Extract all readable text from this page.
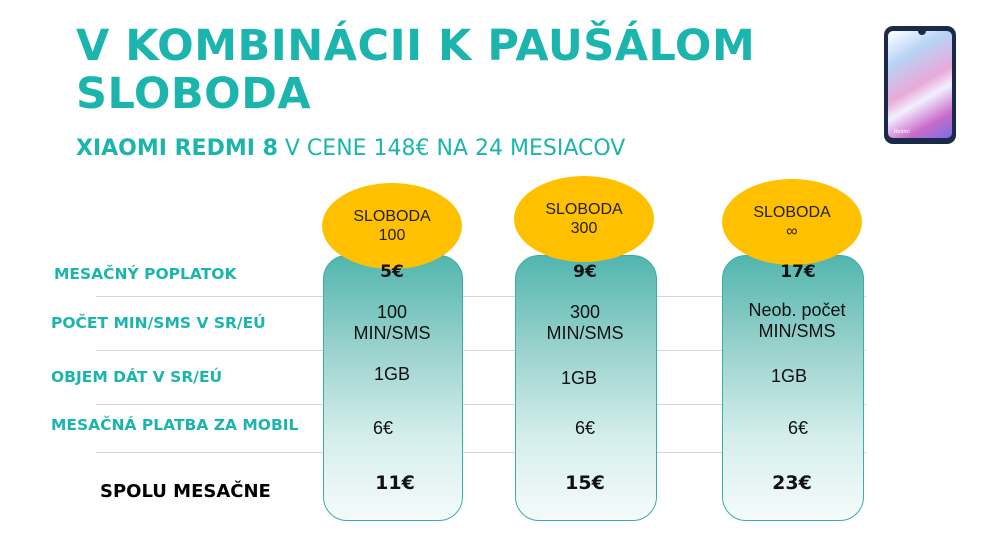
V KOMBINÁCII K PAUŠÁLOM
SLOBODA
XIAOMI REDMI 8 V CENE 148€ NA 24 MESIACOV
Redmi
MESAČNÝ POPLATOK
POČET MIN/SMS V SR/EÚ
OBJEM DÁT V SR/EÚ
MESAČNÁ PLATBA ZA MOBIL
SPOLU MESAČNE
SLOBODA
100
5€
100
MIN/SMS
1GB
6€
11€
SLOBODA
300
9€
300
MIN/SMS
1GB
6€
15€
SLOBODA
∞
17€
Neob. počet
MIN/SMS
1GB
6€
23€
